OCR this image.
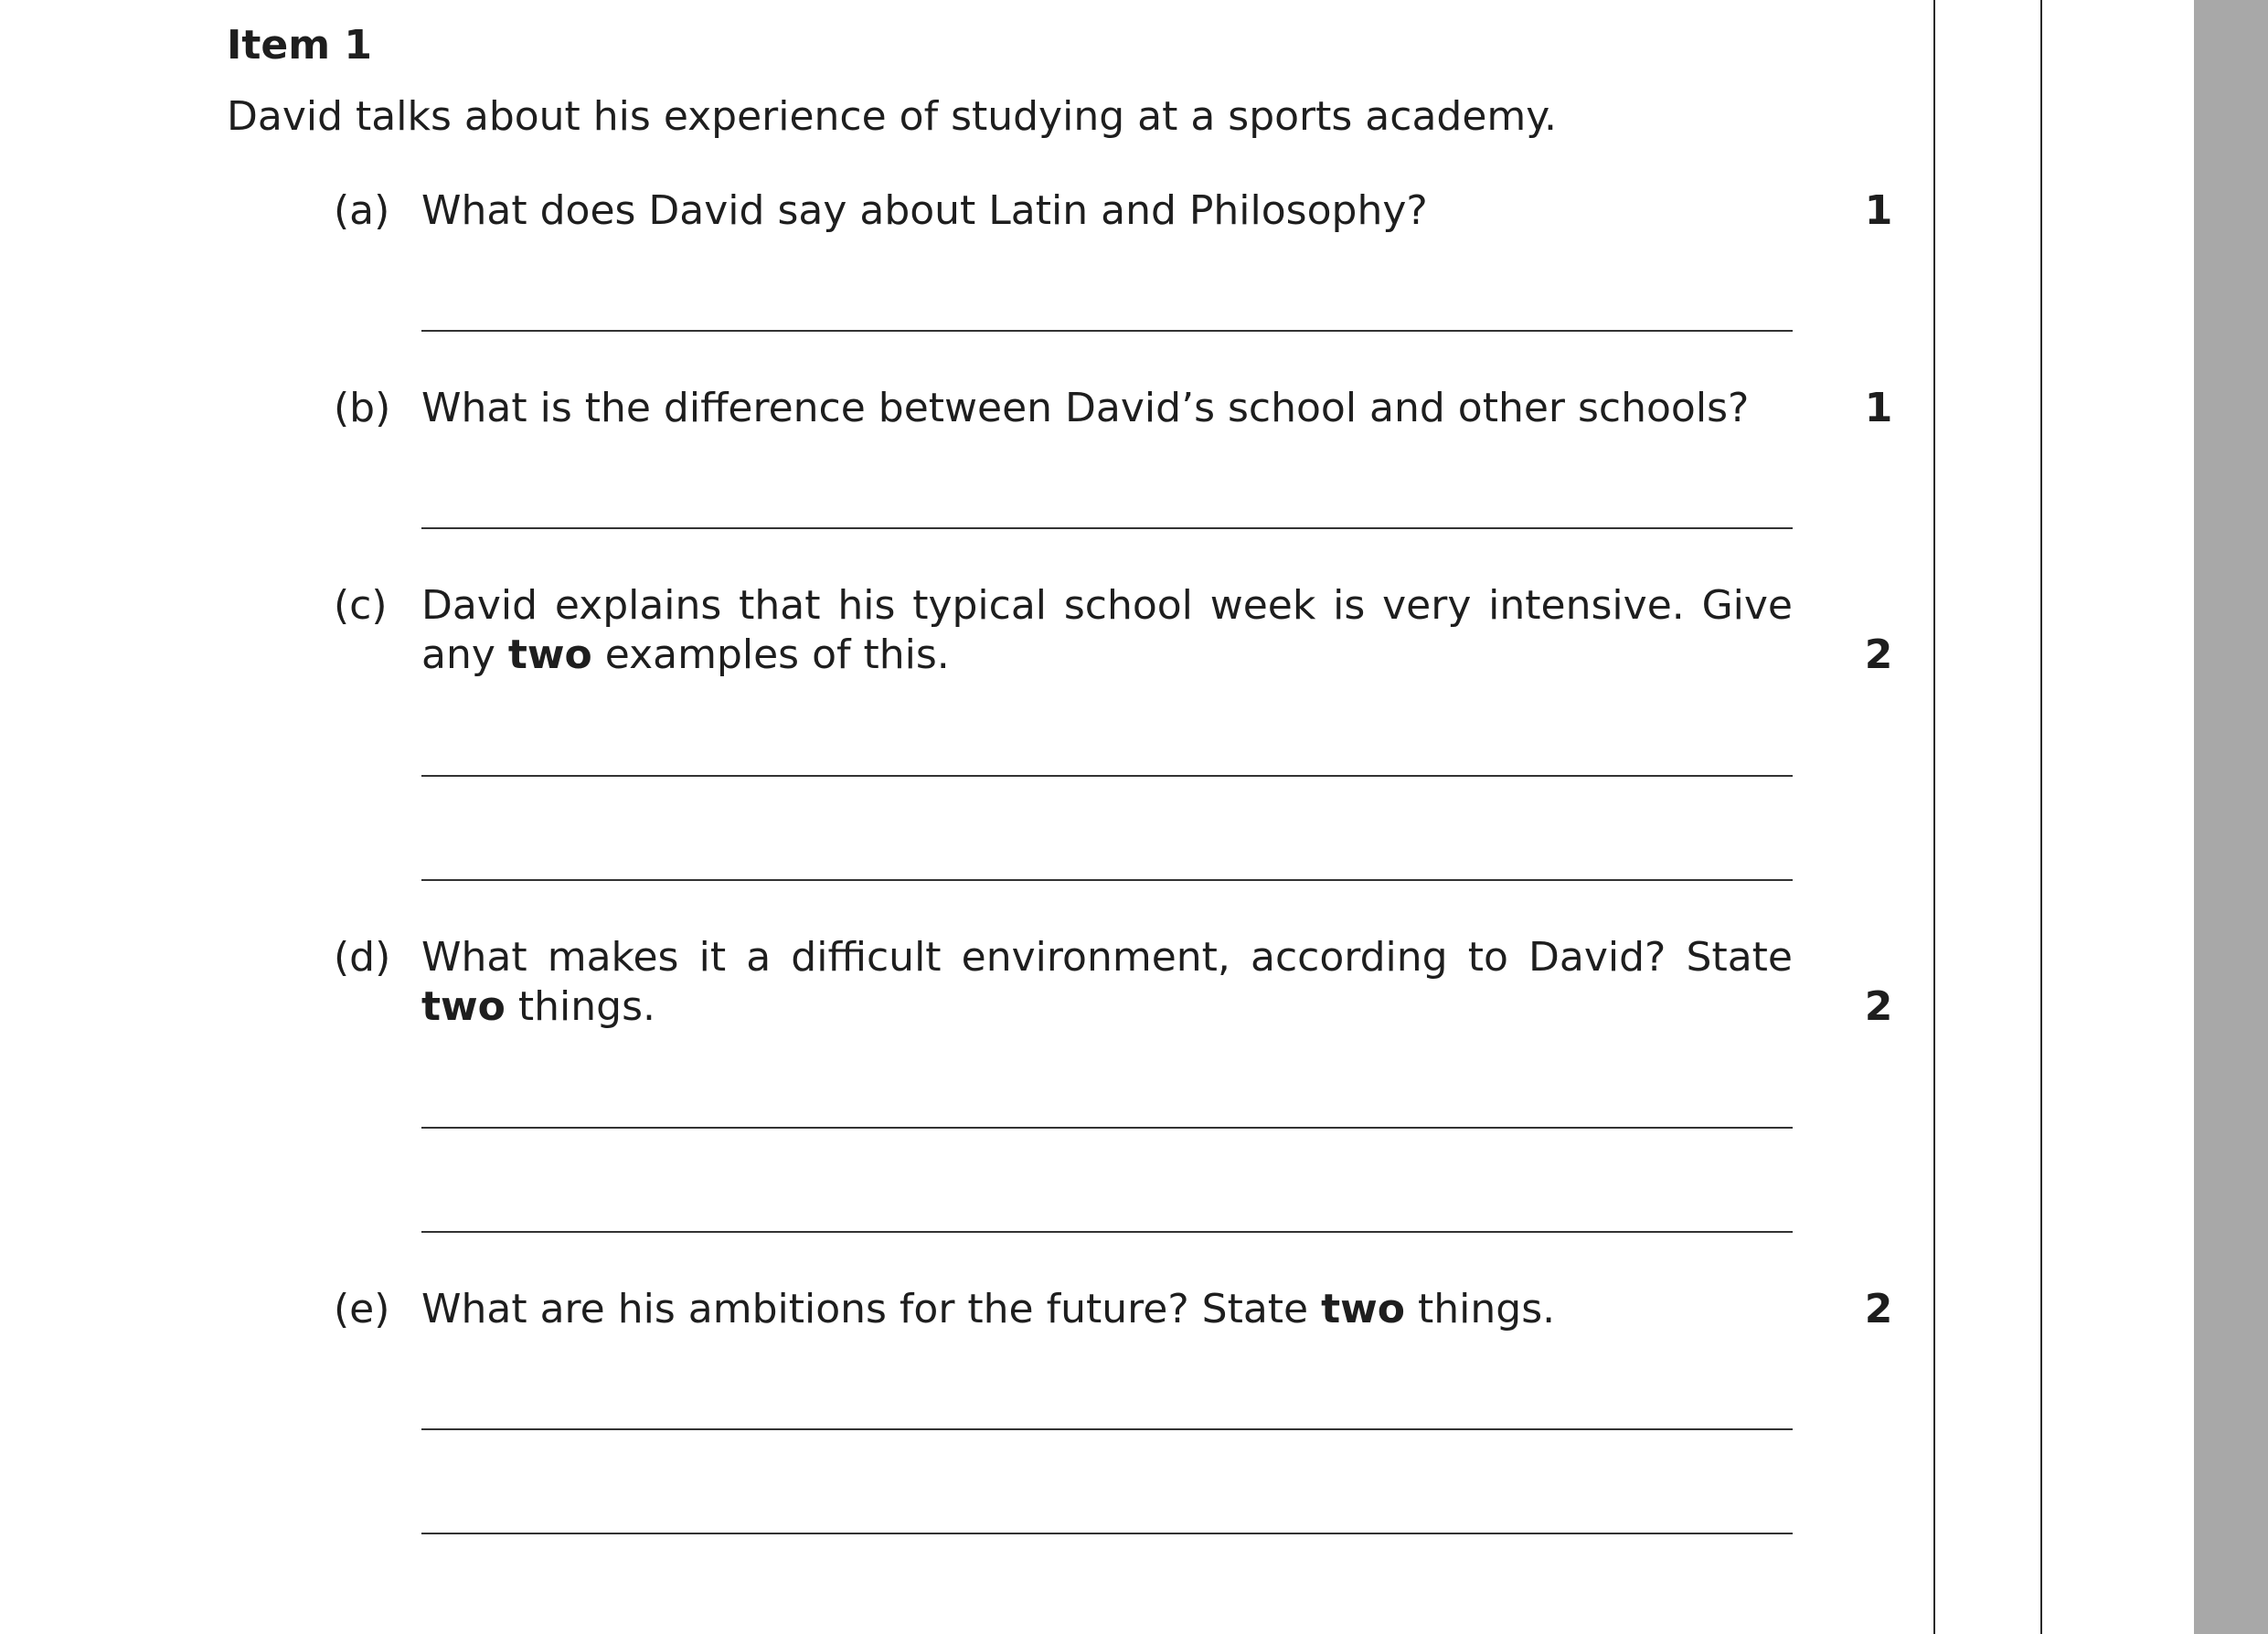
Item 1
David talks about his experience of studying at a sports academy.
(a) What does David say about Latin and Philosophy?	1
(b) What is the difference between David’s school and other schools?	1
(c) David explains that his typical school week is very intensive. Give any two examples of this.	2
(d) What makes it a difficult environment, according to David? State two things.	2
(e) What are his ambitions for the future? State two things.	2
